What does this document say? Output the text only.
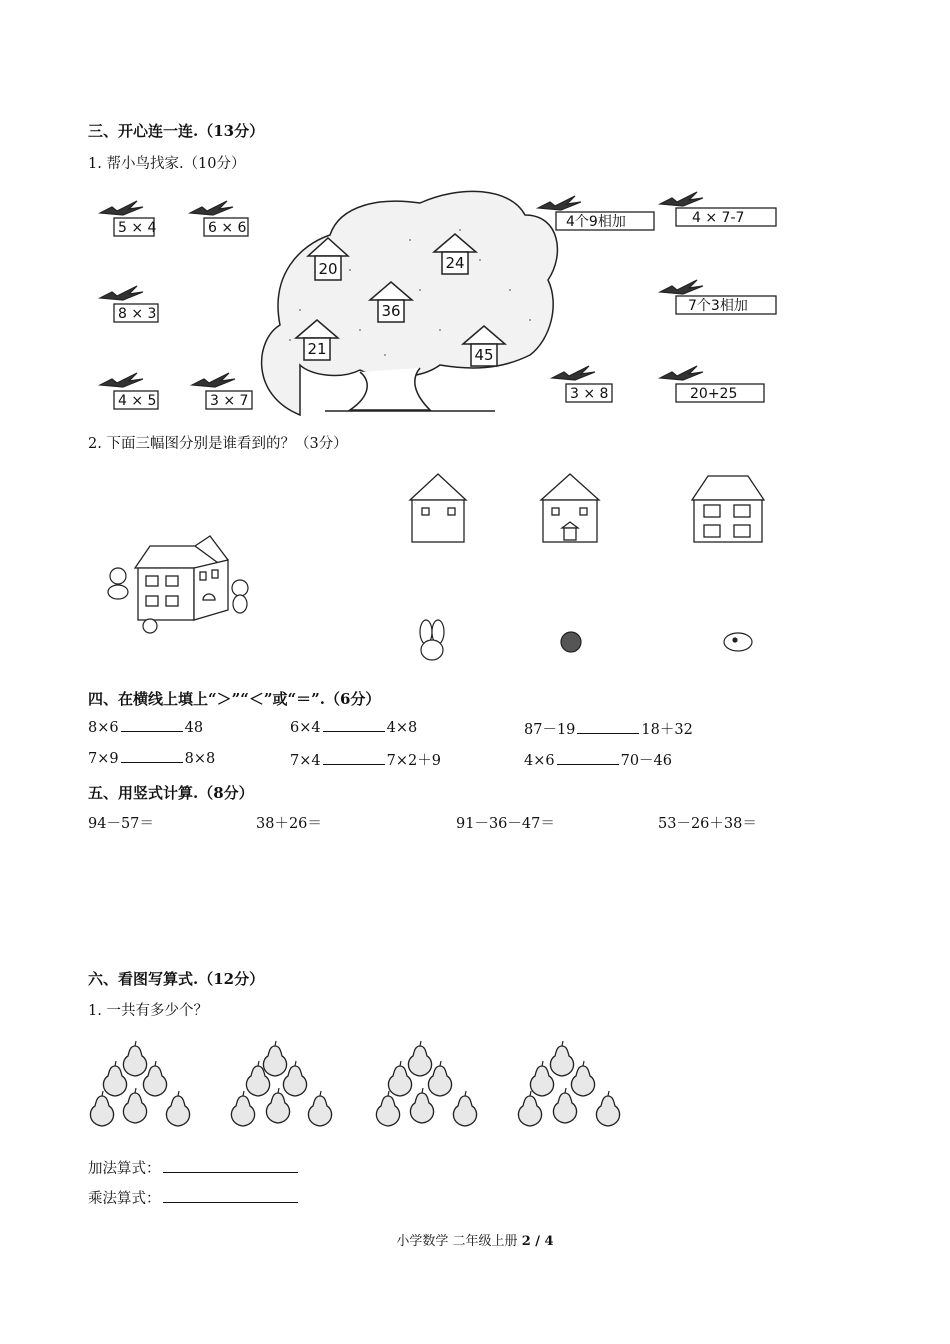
三、开心连一连.（13分）
1. 帮小鸟找家.（10分）
20	24
36
21	45
5 × 4	6 × 6
8 × 3
4 × 5	3 × 7
4个9相加	4 × 7-7
7个3相加
3 × 8	20+25
2. 下面三幅图分别是谁看到的？（3分）
四、在横线上填上“＞”“＜”或“＝”.（6分）
8×6	48	6×4	4×8	87－19	18＋32
7×9	8×8	7×4	7×2＋9	4×6	70－46
五、用竖式计算.（8分）
94－57＝	38＋26＝	91－36－47＝	53－26＋38＝
六、看图写算式.（12分）
1. 一共有多少个？
加法算式：
乘法算式：
小学数学 二年级上册 2 / 4
